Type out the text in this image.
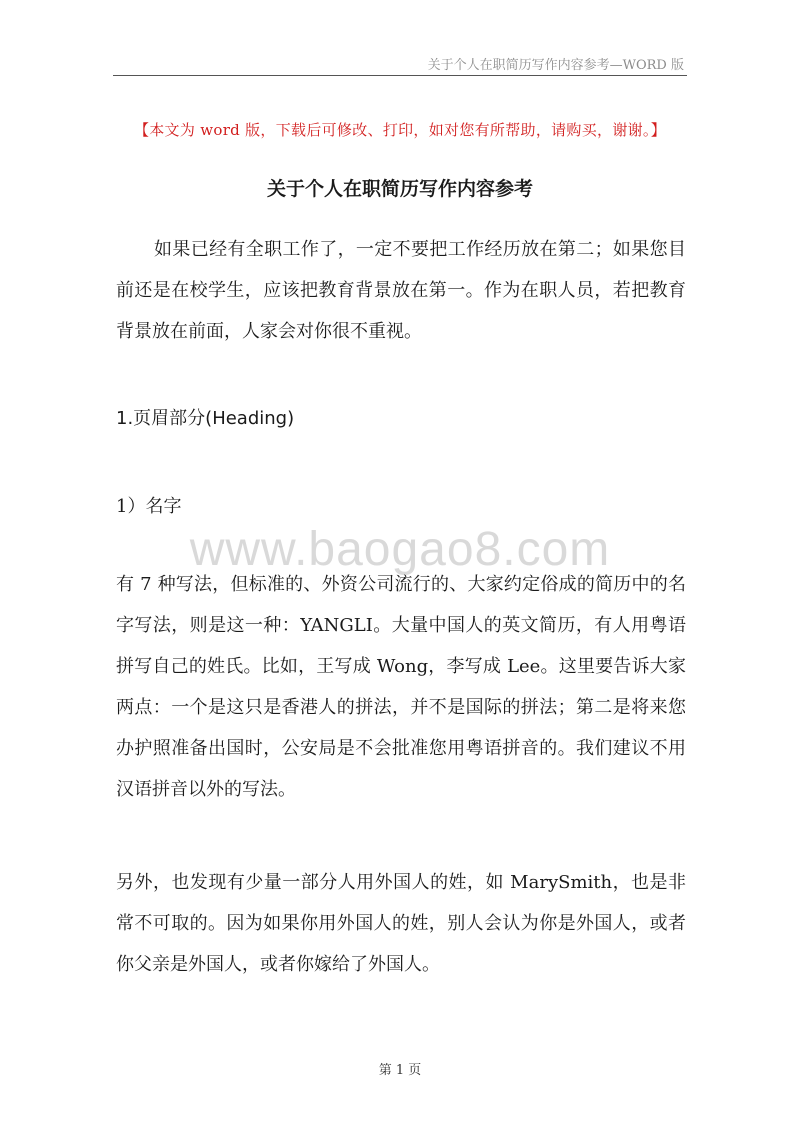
关于个人在职简历写作内容参考—WORD 版
【本文为 word 版，下载后可修改、打印，如对您有所帮助，请购买，谢谢。】
关于个人在职简历写作内容参考
如果已经有全职工作了，一定不要把工作经历放在第二；如果您目前还是在校学生，应该把教育背景放在第一。作为在职人员，若把教育背景放在前面，人家会对你很不重视。
1.页眉部分(Heading)
1）名字
www.baogao8.com
有 7 种写法，但标准的、外资公司流行的、大家约定俗成的简历中的名字写法，则是这一种：YANGLI。大量中国人的英文简历，有人用粤语拼写自己的姓氏。比如，王写成 Wong，李写成 Lee。这里要告诉大家两点：一个是这只是香港人的拼法，并不是国际的拼法；第二是将来您办护照准备出国时，公安局是不会批准您用粤语拼音的。我们建议不用汉语拼音以外的写法。
另外，也发现有少量一部分人用外国人的姓，如 MarySmith，也是非常不可取的。因为如果你用外国人的姓，别人会认为你是外国人，或者你父亲是外国人，或者你嫁给了外国人。
第 1 页
